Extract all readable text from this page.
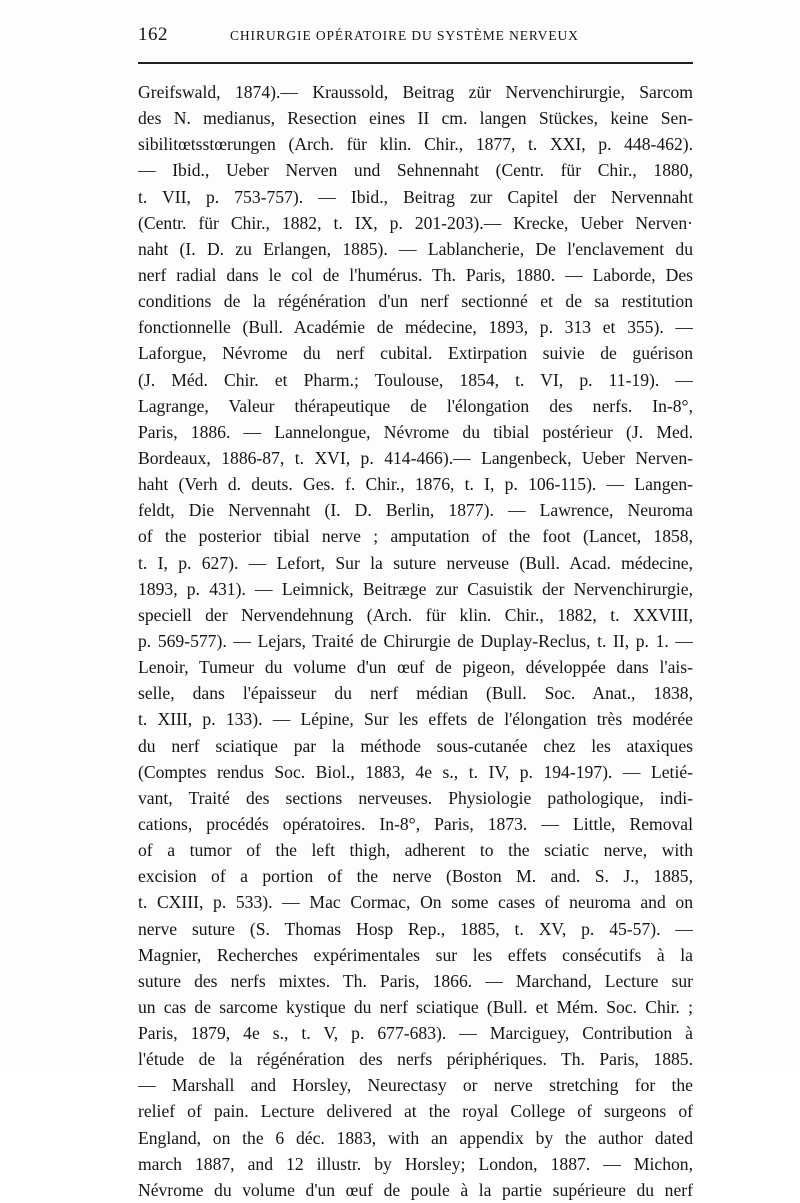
162	CHIRURGIE OPÉRATOIRE DU SYSTÈME NERVEUX
Greifswald, 1874).— Kraussold, Beitrag zür Nervenchirurgie, Sarcom
des N. medianus, Resection eines II cm. langen Stückes, keine Sen-
sibilitœtsstœrungen (Arch. für klin. Chir., 1877, t. XXI, p. 448-462).
— Ibid., Ueber Nerven und Sehnennaht (Centr. für Chir., 1880,
t. VII, p. 753-757). — Ibid., Beitrag zur Capitel der Nervennaht
(Centr. für Chir., 1882, t. IX, p. 201-203).— Krecke, Ueber Nerven·
naht (I. D. zu Erlangen, 1885). — Lablancherie, De l'enclavement du
nerf radial dans le col de l'humérus. Th. Paris, 1880. — Laborde, Des
conditions de la régénération d'un nerf sectionné et de sa restitution
fonctionnelle (Bull. Académie de médecine, 1893, p. 313 et 355). —
Laforgue, Névrome du nerf cubital. Extirpation suivie de guérison
(J. Méd. Chir. et Pharm.; Toulouse, 1854, t. VI, p. 11-19). —
Lagrange, Valeur thérapeutique de l'élongation des nerfs. In-8°,
Paris, 1886. — Lannelongue, Névrome du tibial postérieur (J. Med.
Bordeaux, 1886-87, t. XVI, p. 414-466).— Langenbeck, Ueber Nerven-
haht (Verh d. deuts. Ges. f. Chir., 1876, t. I, p. 106-115). — Langen-
feldt, Die Nervennaht (I. D. Berlin, 1877). — Lawrence, Neuroma
of the posterior tibial nerve ; amputation of the foot (Lancet, 1858,
t. I, p. 627). — Lefort, Sur la suture nerveuse (Bull. Acad. médecine,
1893, p. 431). — Leimnick, Beitræge zur Casuistik der Nervenchirurgie,
speciell der Nervendehnung (Arch. für klin. Chir., 1882, t. XXVIII,
p. 569-577). — Lejars, Traité de Chirurgie de Duplay-Reclus, t. II, p. 1. —
Lenoir, Tumeur du volume d'un œuf de pigeon, développée dans l'ais-
selle, dans l'épaisseur du nerf médian (Bull. Soc. Anat., 1838,
t. XIII, p. 133). — Lépine, Sur les effets de l'élongation très modérée
du nerf sciatique par la méthode sous-cutanée chez les ataxiques
(Comptes rendus Soc. Biol., 1883, 4e s., t. IV, p. 194-197). — Letié-
vant, Traité des sections nerveuses. Physiologie pathologique, indi-
cations, procédés opératoires. In-8°, Paris, 1873. — Little, Removal
of a tumor of the left thigh, adherent to the sciatic nerve, with
excision of a portion of the nerve (Boston M. and. S. J., 1885,
t. CXIII, p. 533). — Mac Cormac, On some cases of neuroma and on
nerve suture (S. Thomas Hosp Rep., 1885, t. XV, p. 45-57). —
Magnier, Recherches expérimentales sur les effets consécutifs à la
suture des nerfs mixtes. Th. Paris, 1866. — Marchand, Lecture sur
un cas de sarcome kystique du nerf sciatique (Bull. et Mém. Soc. Chir. ;
Paris, 1879, 4e s., t. V, p. 677-683). — Marciguey, Contribution à
l'étude de la régénération des nerfs périphériques. Th. Paris, 1885.
— Marshall and Horsley, Neurectasy or nerve stretching for the
relief of pain. Lecture delivered at the royal College of surgeons of
England, on the 6 déc. 1883, with an appendix by the author dated
march 1887, and 12 illustr. by Horsley; London, 1887. — Michon,
Névrome du volume d'un œuf de poule à la partie supérieure du nerf
